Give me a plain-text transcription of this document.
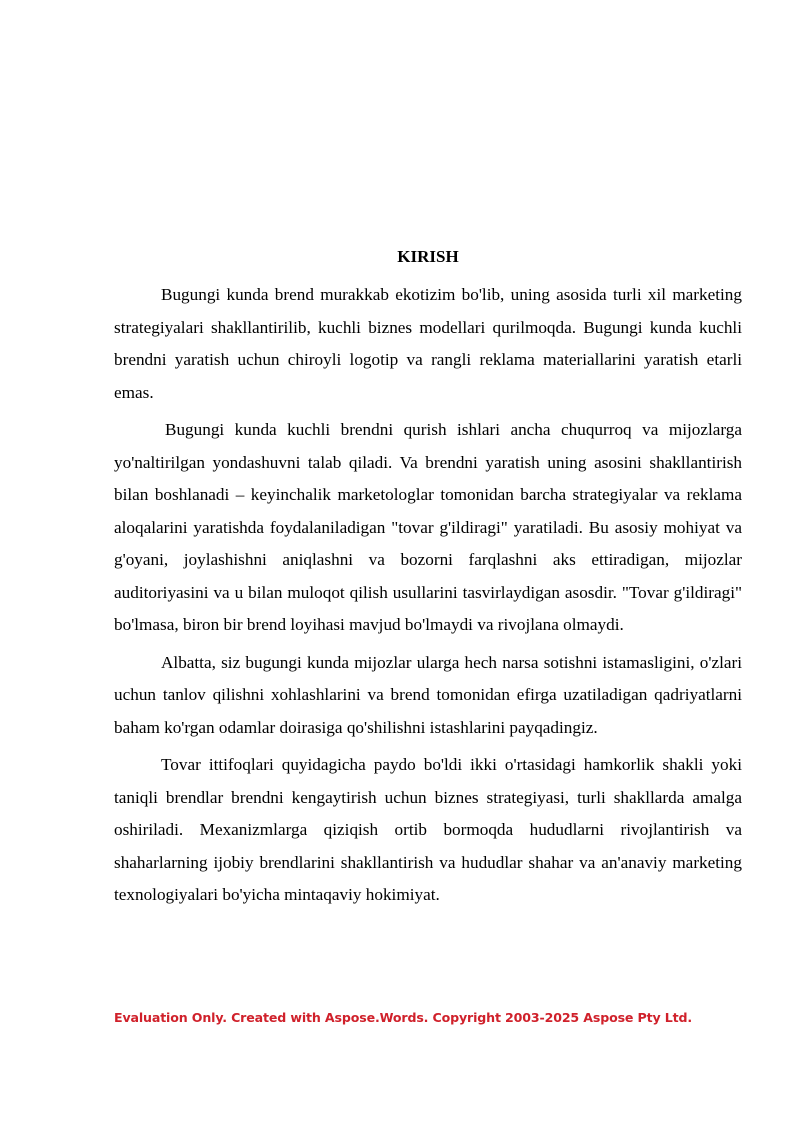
KIRISH

Bugungi kunda brend murakkab ekotizim bo'lib, uning asosida turli xil marketing strategiyalari shakllantirilib, kuchli biznes modellari qurilmoqda. Bugungi kunda kuchli brendni yaratish uchun chiroyli logotip va rangli reklama materiallarini yaratish etarli emas.

Bugungi kunda kuchli brendni qurish ishlari ancha chuqurroq va mijozlarga yo'naltirilgan yondashuvni talab qiladi. Va brendni yaratish uning asosini shakllantirish bilan boshlanadi – keyinchalik marketologlar tomonidan barcha strategiyalar va reklama aloqalarini yaratishda foydalaniladigan "tovar g'ildiragi" yaratiladi. Bu asosiy mohiyat va g'oyani, joylashishni aniqlashni va bozorni farqlashni aks ettiradigan, mijozlar auditoriyasini va u bilan muloqot qilish usullarini tasvirlaydigan asosdir. "Tovar g'ildiragi" bo'lmasa, biron bir brend loyihasi mavjud bo'lmaydi va rivojlana olmaydi.

Albatta, siz bugungi kunda mijozlar ularga hech narsa sotishni istamasligini, o'zlari uchun tanlov qilishni xohlashlarini va brend tomonidan efirga uzatiladigan qadriyatlarni baham ko'rgan odamlar doirasiga qo'shilishni istashlarini payqadingiz.

Tovar ittifoqlari quyidagicha paydo bo'ldi ikki o'rtasidagi hamkorlik shakli yoki taniqli brendlar brendni kengaytirish uchun biznes strategiyasi, turli shakllarda amalga oshiriladi. Mexanizmlarga qiziqish ortib bormoqda hududlarni rivojlantirish va shaharlarning ijobiy brendlarini shakllantirish va hududlar shahar va an'anaviy marketing texnologiyalari bo'yicha mintaqaviy hokimiyat.

Evaluation Only. Created with Aspose.Words. Copyright 2003-2025 Aspose Pty Ltd.
